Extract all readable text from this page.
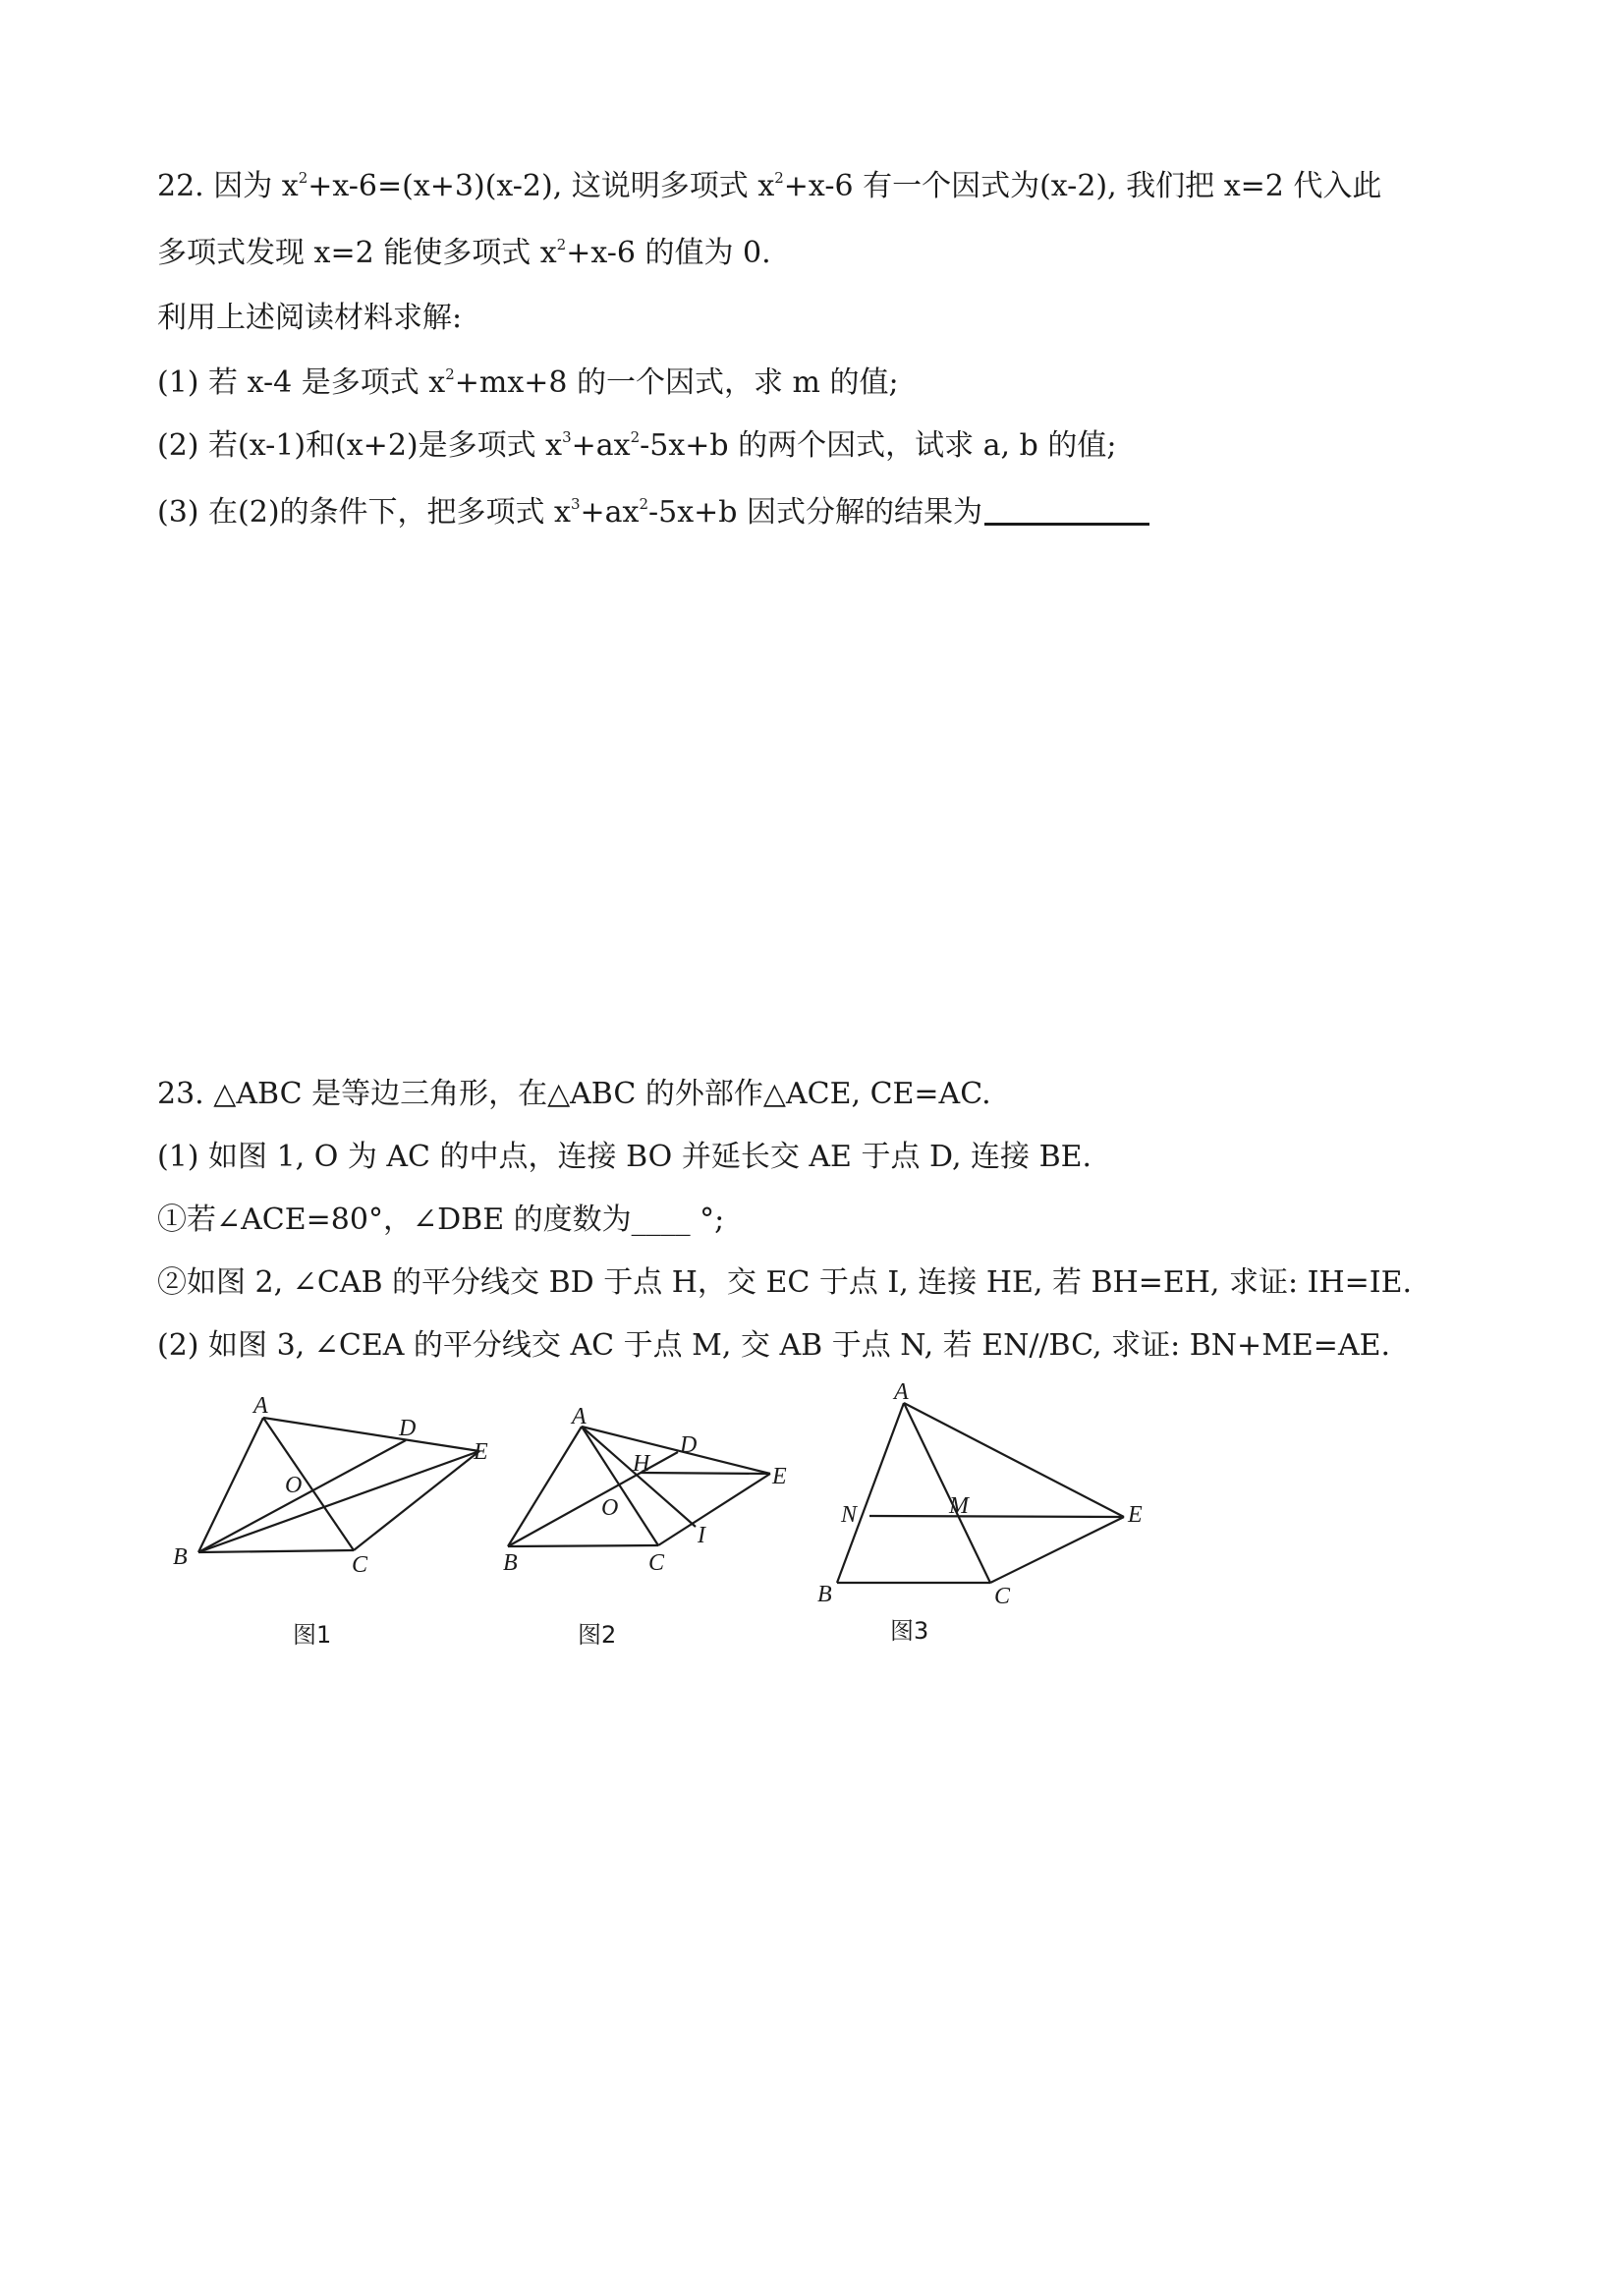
22. 因为 $x^2+x-6=(x+3)(x-2)$, 这说明多项式 $x^2+x-6$ 有一个因式为(x-2), 我们把 x=2 代入此
多项式发现 x=2 能使多项式 $x^2+x-6$ 的值为 0.
利用上述阅读材料求解:
(1) 若 x-4 是多项式 $x^2+mx+8$ 的一个因式，求 m 的值;
(2) 若(x-1)和(x+2)是多项式 $x^3+ax^2-5x+b$ 的两个因式，试求 a, b 的值;
(3) 在(2)的条件下，把多项式 $x^3+ax^2-5x+b$ 因式分解的结果为
23. △ABC 是等边三角形，在△ABC 的外部作△ACE, CE=AC.
(1) 如图 1, O 为 AC 的中点，连接 BO 并延长交 AE 于点 D, 连接 BE.
①若∠ACE=80°，∠DBE 的度数为____ °;
②如图 2, ∠CAB 的平分线交 BD 于点 H，交 EC 于点 I, 连接 HE, 若 BH=EH, 求证: IH=IE.
(2) 如图 3, ∠CEA 的平分线交 AC 于点 M, 交 AB 于点 N, 若 EN//BC, 求证: BN+ME=AE.
A
D
E
O
B	C
图1
A
D
H	E
O
I
B	C
图2
A
N	M	E
B	C
图3
